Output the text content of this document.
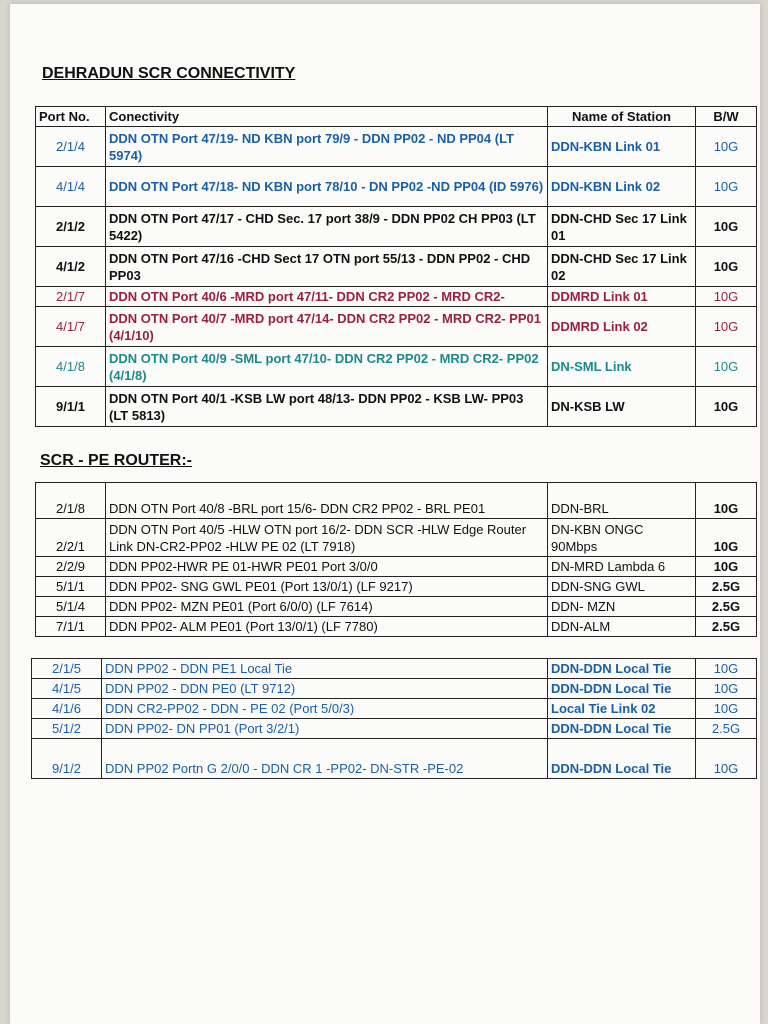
DEHRADUN SCR CONNECTIVITY
Port No.	Conectivity	Name of Station	B/W
2/1/4	DDN OTN Port 47/19- ND KBN port 79/9 - DDN PP02 - ND PP04 (LT 5974)	DDN-KBN Link 01	10G
4/1/4	DDN OTN Port 47/18- ND KBN port 78/10 - DN PP02 -ND PP04 (ID 5976)	DDN-KBN Link 02	10G
2/1/2	DDN OTN Port 47/17 - CHD Sec. 17 port 38/9 - DDN PP02 CH PP03 (LT 5422)	DDN-CHD Sec 17 Link 01	10G
4/1/2	DDN OTN Port 47/16 -CHD Sect 17 OTN port 55/13 - DDN PP02 - CHD PP03	DDN-CHD Sec 17 Link 02	10G
2/1/7	DDN OTN Port 40/6 -MRD port 47/11- DDN CR2 PP02 - MRD CR2-	DDMRD Link 01	10G
4/1/7	DDN OTN Port 40/7 -MRD port 47/14- DDN CR2 PP02 - MRD CR2- PP01 (4/1/10)	DDMRD Link 02	10G
4/1/8	DDN OTN Port 40/9 -SML port 47/10- DDN CR2 PP02 - MRD CR2- PP02 (4/1/8)	DN-SML Link	10G
9/1/1	DDN OTN Port 40/1 -KSB LW port 48/13- DDN PP02 - KSB LW- PP03 (LT 5813)	DN-KSB LW	10G
SCR - PE ROUTER:-
2/1/8	DDN OTN Port 40/8 -BRL port 15/6- DDN CR2 PP02 - BRL PE01	DDN-BRL	10G
2/2/1	DDN OTN Port 40/5 -HLW OTN port 16/2- DDN SCR -HLW Edge Router Link DN-CR2-PP02 -HLW PE 02 (LT 7918)	DN-KBN ONGC 90Mbps	10G
2/2/9	DDN PP02-HWR PE 01-HWR PE01 Port 3/0/0	DN-MRD Lambda 6	10G
5/1/1	DDN PP02- SNG GWL PE01 (Port 13/0/1) (LF 9217)	DDN-SNG GWL	2.5G
5/1/4	DDN PP02- MZN PE01 (Port 6/0/0) (LF 7614)	DDN- MZN	2.5G
7/1/1	DDN PP02- ALM PE01 (Port 13/0/1) (LF 7780)	DDN-ALM	2.5G
2/1/5	DDN PP02 - DDN PE1 Local Tie	DDN-DDN Local Tie	10G
4/1/5	DDN PP02 - DDN PE0 (LT 9712)	DDN-DDN Local Tie	10G
4/1/6	DDN CR2-PP02 - DDN - PE 02 (Port 5/0/3)	Local Tie Link 02	10G
5/1/2	DDN PP02- DN PP01 (Port 3/2/1)	DDN-DDN Local Tie	2.5G
9/1/2	DDN PP02 Portn G 2/0/0 - DDN CR 1 -PP02- DN-STR -PE-02	DDN-DDN Local Tie	10G
